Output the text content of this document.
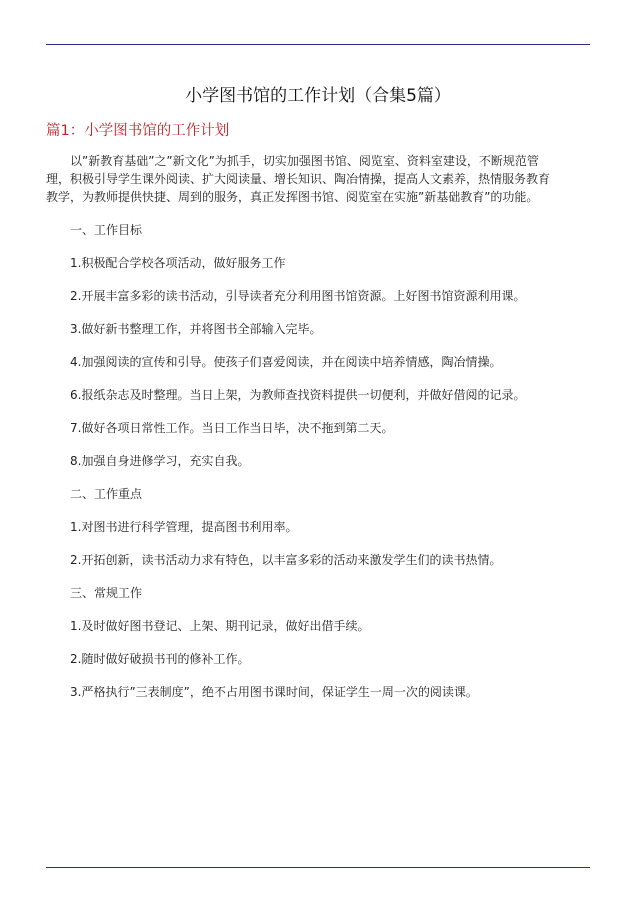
小学图书馆的工作计划（合集5篇）
篇1：小学图书馆的工作计划

以”新教育基础”之”新文化”为抓手，切实加强图书馆、阅览室、资料室建设，不断规范管理，积极引导学生课外阅读、扩大阅读量、增长知识、陶冶情操，提高人文素养，热情服务教育教学，为教师提供快捷、周到的服务，真正发挥图书馆、阅览室在实施”新基础教育”的功能。

一、工作目标

1.积极配合学校各项活动，做好服务工作

2.开展丰富多彩的读书活动，引导读者充分利用图书馆资源。上好图书馆资源利用课。

3.做好新书整理工作，并将图书全部输入完毕。

4.加强阅读的宣传和引导。使孩子们喜爱阅读，并在阅读中培养情感，陶冶情操。

6.报纸杂志及时整理。当日上架，为教师查找资料提供一切便利，并做好借阅的记录。

7.做好各项日常性工作。当日工作当日毕，决不拖到第二天。

8.加强自身进修学习，充实自我。

二、工作重点

1.对图书进行科学管理，提高图书利用率。

2.开拓创新，读书活动力求有特色，以丰富多彩的活动来激发学生们的读书热情。

三、常规工作

1.及时做好图书登记、上架、期刊记录，做好出借手续。

2.随时做好破损书刊的修补工作。

3.严格执行”三表制度”，绝不占用图书课时间，保证学生一周一次的阅读课。
